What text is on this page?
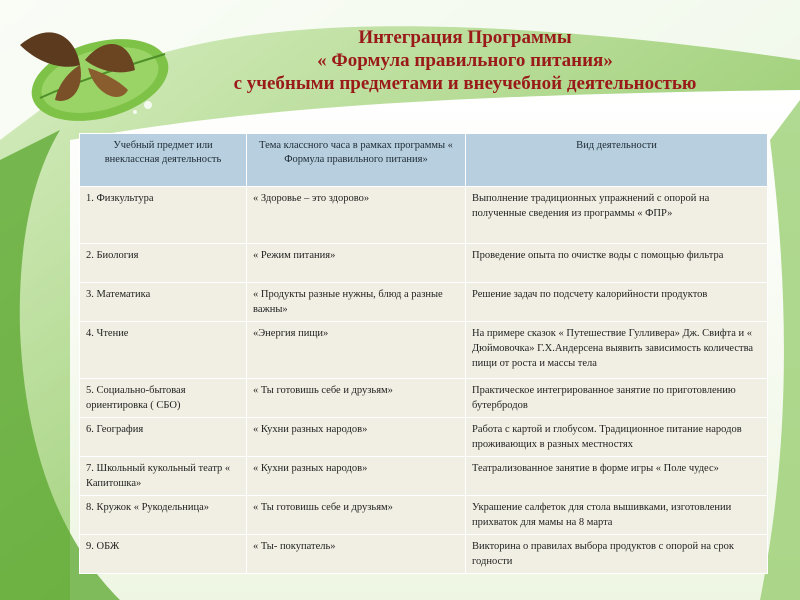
Интеграция Программы
« Формула правильного питания»
с учебными предметами и внеучебной деятельностью
Учебный предмет или внеклассная деятельность	Тема классного часа в рамках программы « Формула правильного питания»	Вид деятельности
1. Физкультура	« Здоровье – это здорово»	Выполнение традиционных упражнений с опорой на полученные сведения из программы « ФПР»
2. Биология	« Режим питания»	Проведение опыта по очистке воды с помощью фильтра
3. Математика	« Продукты разные нужны, блюд а разные важны»	Решение задач по подсчету калорийности продуктов
4. Чтение	«Энергия пищи»	На примере сказок « Путешествие Гулливера» Дж. Свифта и « Дюймовочка» Г.Х.Андерсена выявить зависимость количества пищи от роста и массы тела
5. Социально-бытовая ориентировка ( СБО)	« Ты готовишь себе и друзьям»	Практическое интегрированное занятие по приготовлению бутербродов
6. География	« Кухни разных народов»	Работа с картой и глобусом. Традиционное питание народов проживающих в разных местностях
7. Школьный кукольный театр « Капитошка»	« Кухни разных народов»	Театрализованное занятие в форме игры « Поле чудес»
8. Кружок « Рукодельница»	« Ты готовишь себе и друзьям»	Украшение салфеток для стола вышивками, изготовлении прихваток для мамы на 8 марта
9. ОБЖ	« Ты- покупатель»	Викторина о правилах выбора продуктов с опорой на срок годности
